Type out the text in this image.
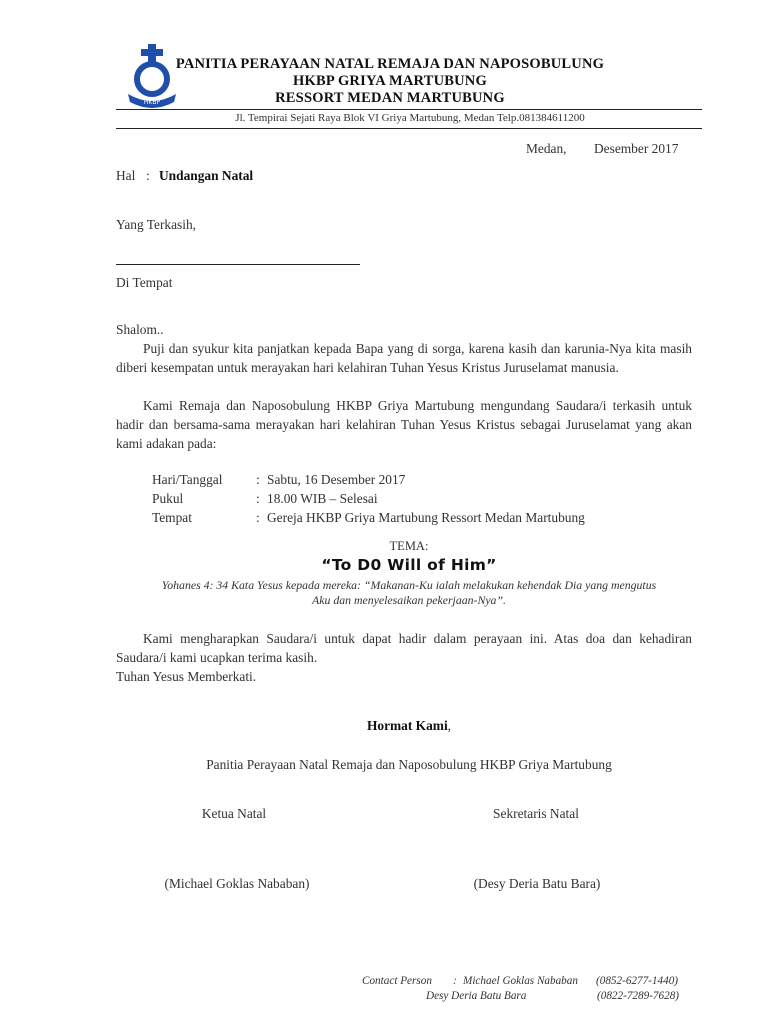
HKBP
PANITIA PERAYAAN NATAL REMAJA DAN NAPOSOBULUNG
HKBP GRIYA MARTUBUNG
RESSORT MEDAN MARTUBUNG
Jl. Tempirai Sejati Raya Blok VI Griya Martubung, Medan Telp.081384611200
Medan, Desember 2017
Hal : Undangan Natal
Yang Terkasih,
Di Tempat
Shalom..
Puji dan syukur kita panjatkan kepada Bapa yang di sorga, karena kasih dan karunia-Nya kita masih diberi kesempatan untuk merayakan hari kelahiran Tuhan Yesus Kristus Juruselamat manusia.
Kami Remaja dan Naposobulung HKBP Griya Martubung mengundang Saudara/i terkasih untuk hadir dan bersama-sama merayakan hari kelahiran Tuhan Yesus Kristus sebagai Juruselamat yang akan kami adakan pada:
Hari/Tanggal	: Sabtu, 16 Desember 2017
Pukul	: 18.00 WIB – Selesai
Tempat	: Gereja HKBP Griya Martubung Ressort Medan Martubung
TEMA:
“To D0 Will of Him”
Yohanes 4: 34 Kata Yesus kepada mereka: “Makanan-Ku ialah melakukan kehendak Dia yang mengutus
Aku dan menyelesaikan pekerjaan-Nya”.
Kami mengharapkan Saudara/i untuk dapat hadir dalam perayaan ini. Atas doa dan kehadiran Saudara/i kami ucapkan terima kasih.
Tuhan Yesus Memberkati.
Hormat Kami,
Panitia Perayaan Natal Remaja dan Naposobulung HKBP Griya Martubung
Ketua Natal	Sekretaris Natal
(Michael Goklas Nababan)	(Desy Deria Batu Bara)
Contact Person : Michael Goklas Nababan (0852-6277-1440)
Desy Deria Batu Bara	(0822-7289-7628)
